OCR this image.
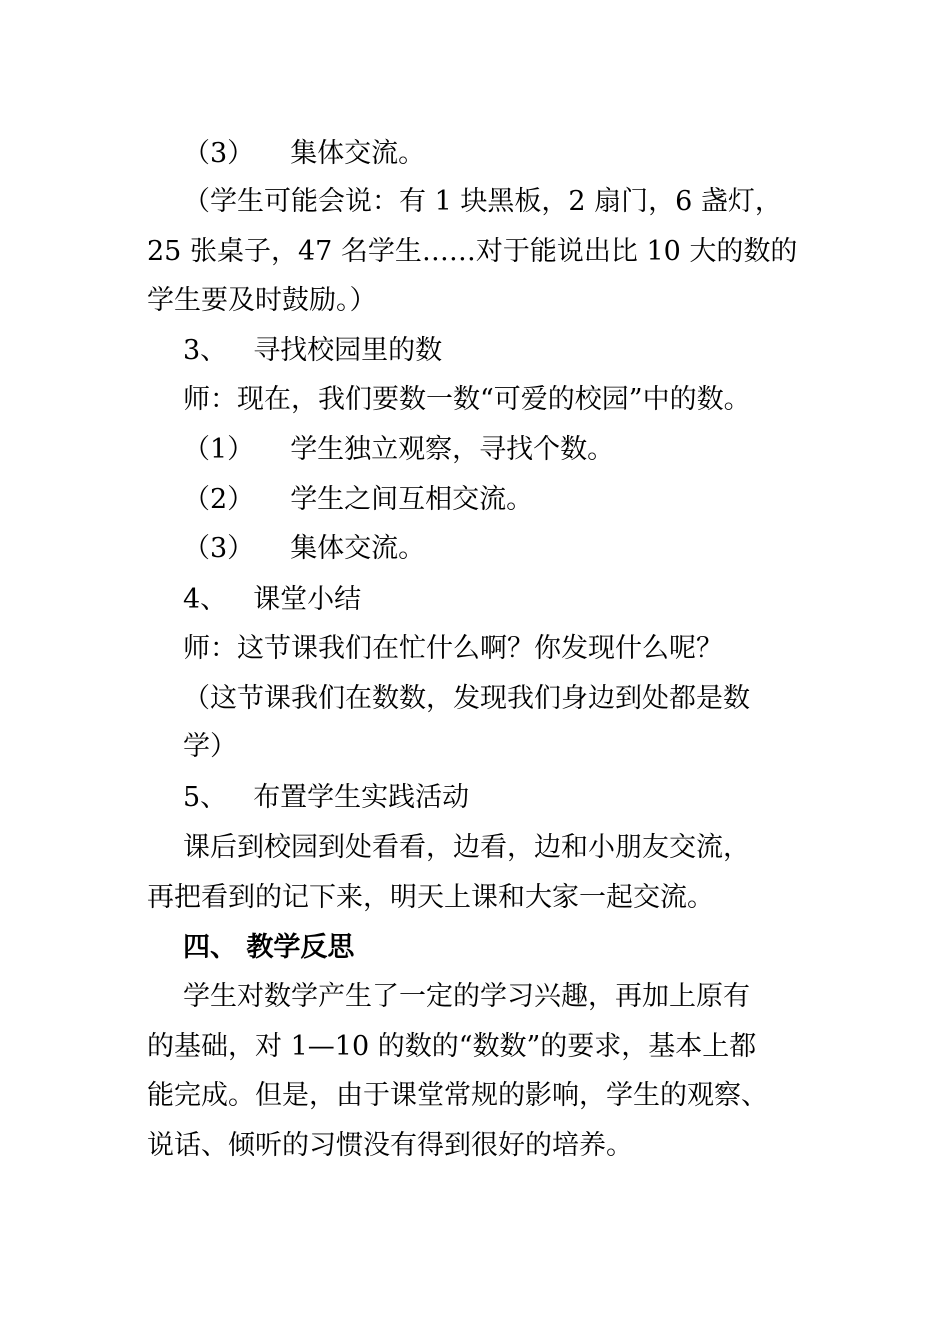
（3） 集体交流。
（学生可能会说：有 1 块黑板，2 扇门，6 盏灯，
25 张桌子，47 名学生……对于能说出比 10 大的数的
学生要及时鼓励。）
3、 寻找校园里的数
师：现在，我们要数一数“可爱的校园”中的数。
（1） 学生独立观察，寻找个数。
（2） 学生之间互相交流。
（3） 集体交流。
4、 课堂小结
师：这节课我们在忙什么啊？你发现什么呢？
（这节课我们在数数，发现我们身边到处都是数
学）
5、 布置学生实践活动
课后到校园到处看看，边看，边和小朋友交流，
再把看到的记下来，明天上课和大家一起交流。
四、 教学反思
学生对数学产生了一定的学习兴趣，再加上原有
的基础，对 1—10 的数的“数数”的要求，基本上都
能完成。但是，由于课堂常规的影响，学生的观察、
说话、倾听的习惯没有得到很好的培养。
